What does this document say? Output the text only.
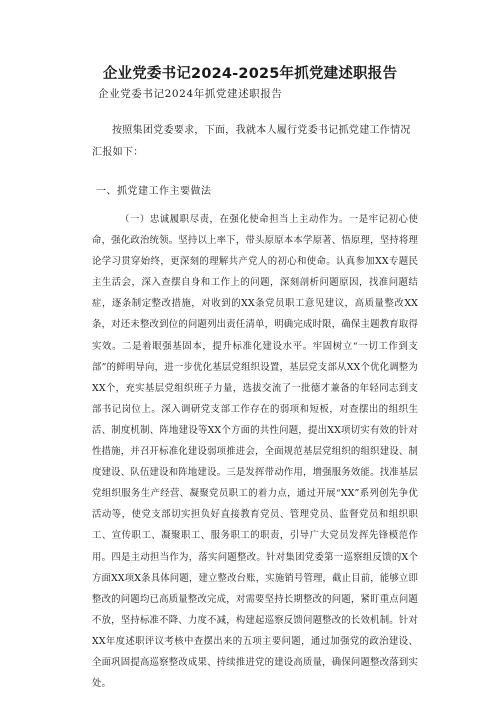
企业党委书记2024-2025年抓党建述职报告
企业党委书记2024年抓党建述职报告
按照集团党委要求，下面，我就本人履行党委书记抓党建工作情况汇报如下：
一、抓党建工作主要做法
（一）忠诚履职尽责，在强化使命担当上主动作为。一是牢记初心使命，强化政治统领。坚持以上率下，带头原原本本学原著、悟原理，坚持将理论学习贯穿始终，更深刻的理解共产党人的初心和使命。认真参加XX专题民主生活会，深入查摆自身和工作上的问题，深刻剖析问题原因，找准问题结症，逐条制定整改措施，对收到的XX条党员职工意见建议，高质量整改XX条，对还未整改到位的问题列出责任清单，明确完成时限，确保主题教育取得实效。二是着眼强基固本，提升标准化建设水平。牢固树立“一切工作到支部”的鲜明导向，进一步优化基层党组织设置，基层党支部从XX个优化调整为XX个，充实基层党组织班子力量，选拔交流了一批德才兼备的年轻同志到支部书记岗位上。深入调研党支部工作存在的弱项和短板，对查摆出的组织生活、制度机制、阵地建设等XX个方面的共性问题，提出XX项切实有效的针对性措施，并召开标准化建设弱项推进会，全面规范基层党组织的组织建设、制度建设、队伍建设和阵地建设。三是发挥带动作用，增强服务效能。找准基层党组织服务生产经营、凝聚党员职工的着力点，通过开展“XX”系列创先争优活动等，使党支部切实担负好直接教育党员、管理党员、监督党员和组织职工、宣传职工、凝聚职工、服务职工的职责，引导广大党员发挥先锋模范作用。四是主动担当作为，落实问题整改。针对集团党委第一巡察组反馈的X个方面XX项X条具体问题，建立整改台账，实施销号管理，截止目前，能够立即整改的问题均已高质量整改完成，对需要坚持长期整改的问题，紧盯重点问题不放，坚持标准不降、力度不减，构建起巡察反馈问题整改的长效机制。针对XX年度述职评议考核中查摆出来的五项主要问题，通过加强党的政治建设、全面巩固提高巡察整改成果、持续推进党的建设高质量，确保问题整改落到实处。
